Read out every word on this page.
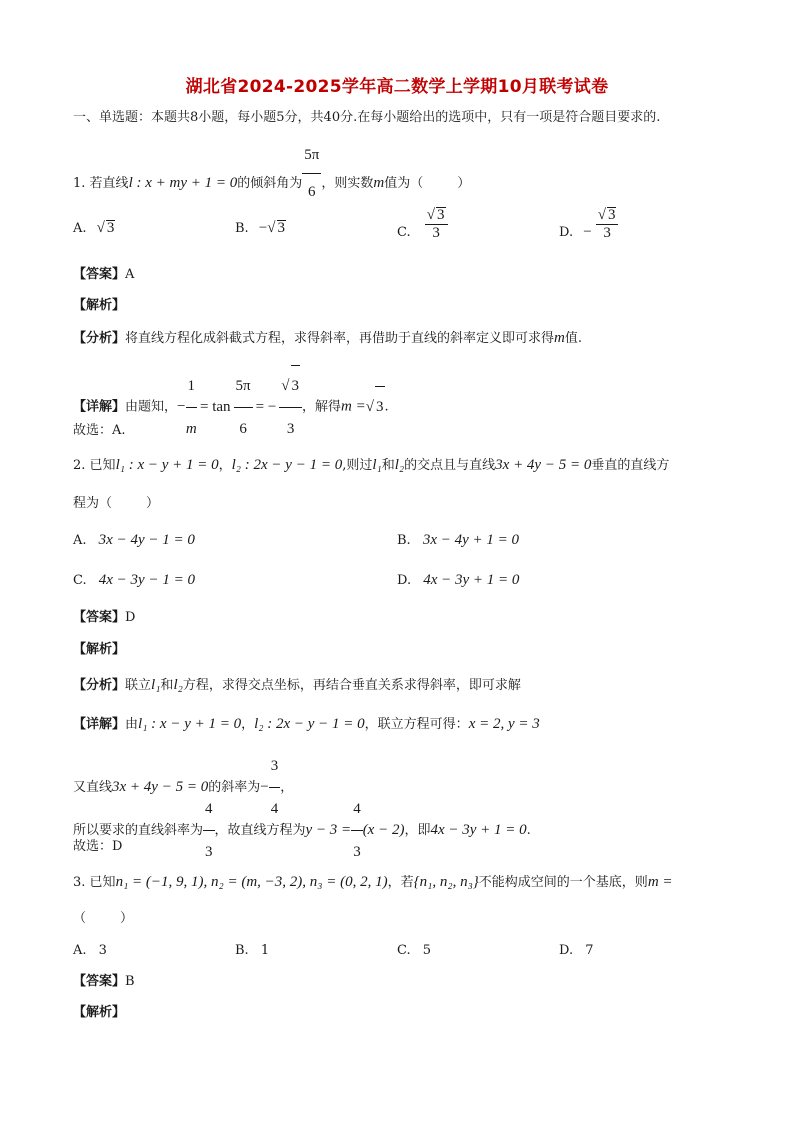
湖北省2024-2025学年高二数学上学期10月联考试卷
一、单选题：本题共8小题，每小题5分，共40分.在每小题给出的选项中，只有一项是符合题目要求的.
1. 若直线l : x + my + 1 = 0的倾斜角为 $\frac{5\pi}{6}$ ，则实数m值为（	）
A. √ 3	B. −√ 3	C. $\frac{√ 3}{3}$	D. − $\frac{√ 3}{3}$
【答案】A
【解析】
【分析】将直线方程化成斜截式方程，求得斜率，再借助于直线的斜率定义即可求得m值.
【详解】由题知，− $\frac{1}{m} = \tan \frac{5\pi}{6}$ = − $\frac{√ 3}{3}$ ，解得m =√ 3.
故选：A.
2. 已知l₁ : x − y + 1 = 0，l₂ : 2x − y − 1 = 0,则过l₁和l₂的交点且与直线3x + 4y − 5 = 0垂直的直线方
程为（	）
A. 3x − 4y − 1 = 0	B. 3x − 4y + 1 = 0
C. 4x − 3y − 1 = 0	D. 4x − 3y + 1 = 0
【答案】D
【解析】
【分析】联立l₁和l₂方程，求得交点坐标，再结合垂直关系求得斜率，即可求解
【详解】由l₁ : x − y + 1 = 0，l₂ : 2x − y − 1 = 0，联立方程可得：x = 2, y = 3
又直线3x + 4y − 5 = 0的斜率为− $\frac{3}{4}$ ，
所以要求的直线斜率为 $\frac{4}{3}$ ，故直线方程为$y - 3 = \frac{4}{3} (x - 2)$，即4x − 3y + 1 = 0.
故选：D
3. 已知n₁ = (−1, 9, 1), n₂ = (m, −3, 2), n₃ = (0, 2, 1)，若{n₁, n₂, n₃}不能构成空间的一个基底，则m =
（	）
A. 3	B. 1	C. 5	D. 7
【答案】B
【解析】
